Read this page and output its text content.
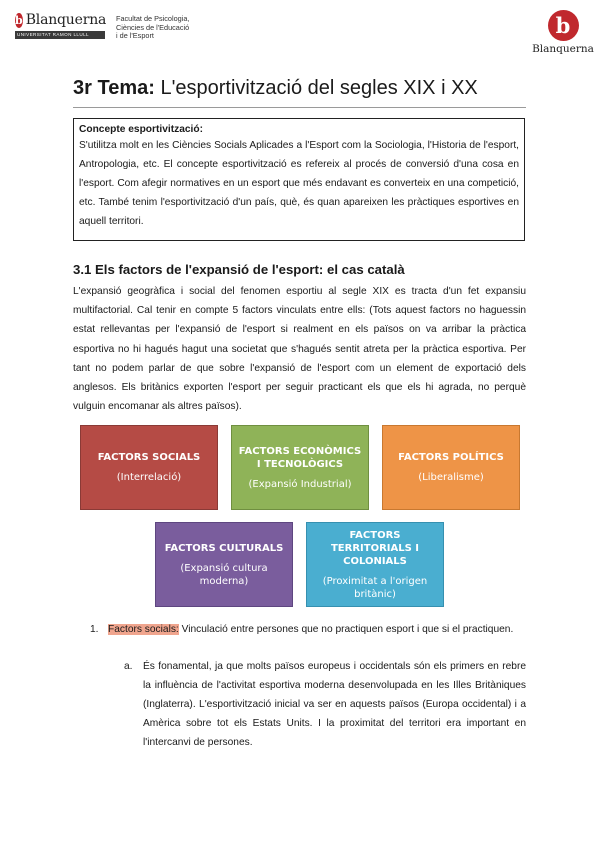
b Blanquerna
UNIVERSITAT RAMON LLULL
Facultat de Psicologia,
Ciències de l'Educació
i de l'Esport	b
Blanquerna
3r Tema: L'esportivització del segles XIX i XX
Concepte esportivització:
S'utilitza molt en les Ciències Socials Aplicades a l'Esport com la Sociologia, l'Historia de l'esport, Antropologia, etc. El concepte esportivització es refereix al procés de conversió d'una cosa en l'esport. Com afegir normatives en un esport que més endavant es converteix en una competició, etc. També tenim l'esportivització d'un país, què, és quan apareixen les pràctiques esportives en aquell territori.
3.1 Els factors de l'expansió de l'esport: el cas català
L'expansió geogràfica i social del fenomen esportiu al segle XIX es tracta d'un fet expansiu multifactorial. Cal tenir en compte 5 factors vinculats entre ells: (Tots aquest factors no haguessin estat rellevantas per l'expansió de l'esport si realment en els països on va arribar la pràctica esportiva no hi hagués hagut una societat que s'hagués sentit atreta per la pràctica esportiva. Per tant no podem parlar de que sobre l'expansió de l'esport com un element de exportació dels anglesos. Els britànics exporten l'esport per seguir practicant els que els hi agrada, no perquè vulguin encomanar als altres països).
FACTORS SOCIALS
(Interrelació)
FACTORS ECONÒMICS I TECNOLÒGICS
(Expansió Industrial)
FACTORS POLÍTICS
(Liberalisme)
FACTORS CULTURALS
(Expansió cultura moderna)
FACTORS TERRITORIALS I COLONIALS
(Proximitat a l'origen britànic)
1. Factors socials: Vinculació entre persones que no practiquen esport i que si el practiquen.
a. És fonamental, ja que molts països europeus i occidentals són els primers en rebre la influència de l'activitat esportiva moderna desenvolupada en les Illes Britàniques (Inglaterra). L'esportivització inicial va ser en aquests països (Europa occidental) i a Amèrica sobre tot els Estats Units. I la proximitat del territori era important en l'intercanvi de persones.
